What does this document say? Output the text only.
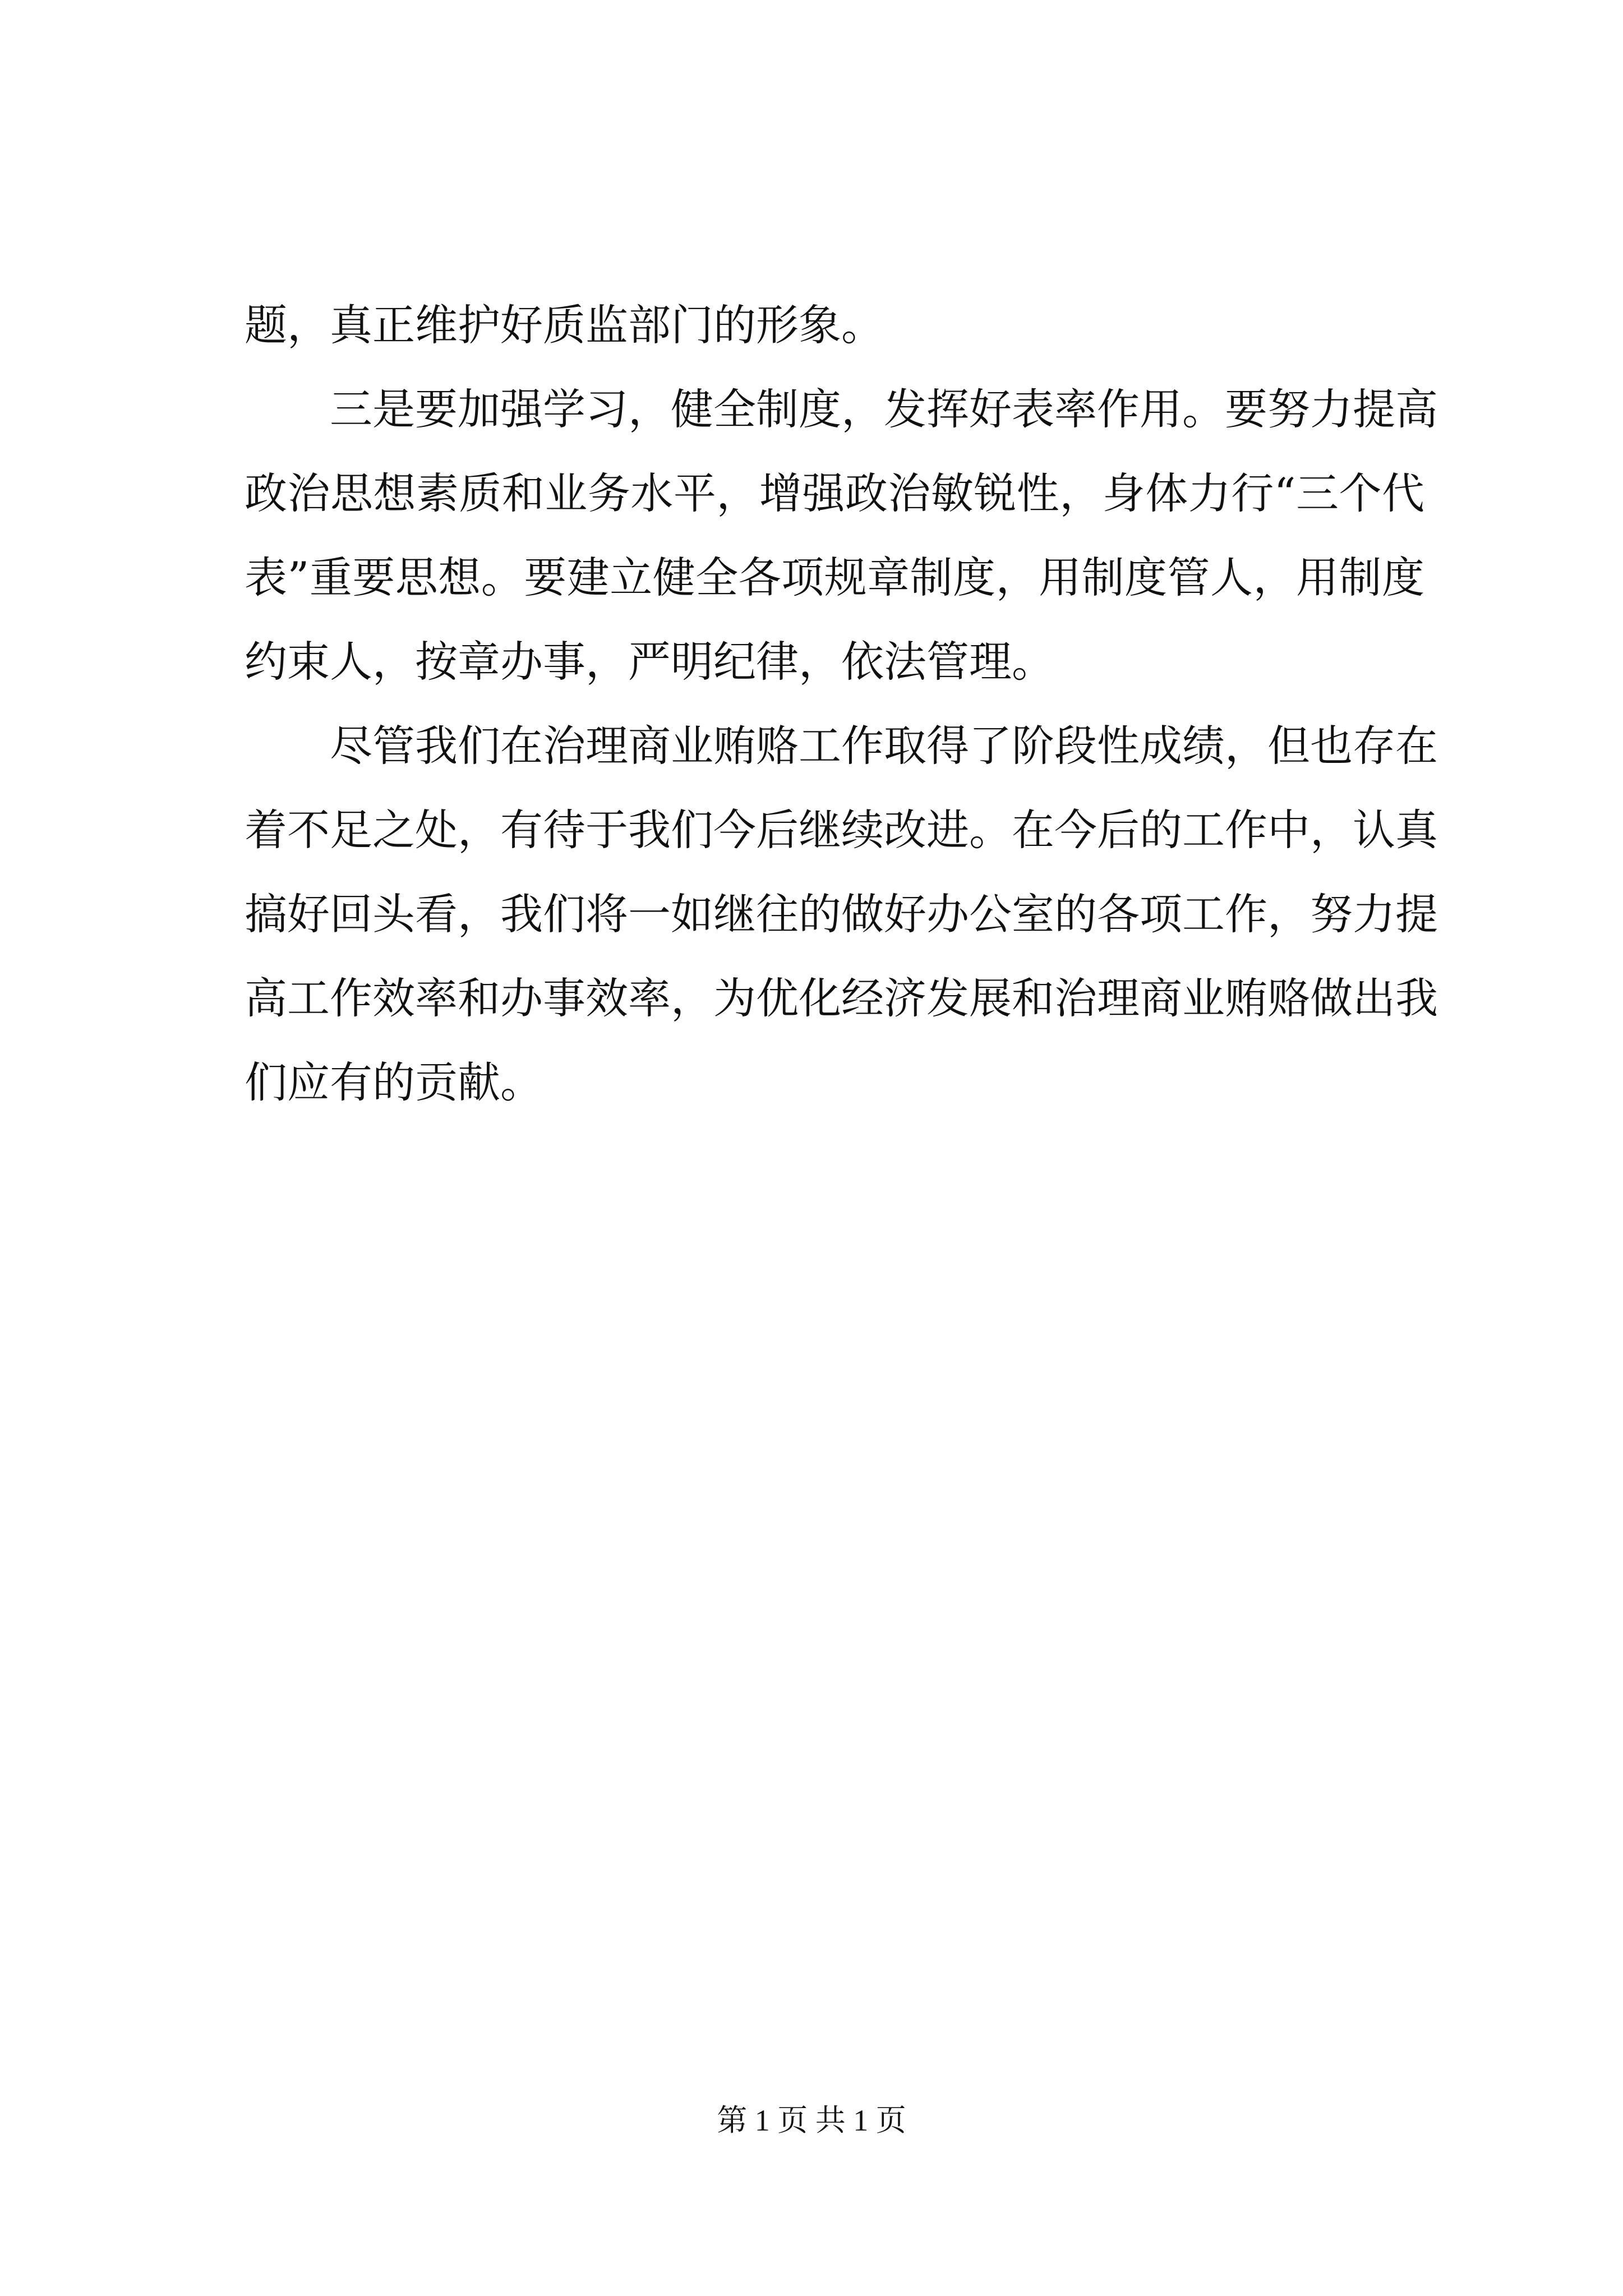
题，真正维护好质监部门的形象。
三是要加强学习，健全制度，发挥好表率作用。要努力提高
政治思想素质和业务水平，增强政治敏锐性，身体力行“三个代
表”重要思想。要建立健全各项规章制度，用制度管人，用制度
约束人，按章办事，严明纪律，依法管理。
尽管我们在治理商业贿赂工作取得了阶段性成绩，但也存在
着不足之处，有待于我们今后继续改进。在今后的工作中，认真
搞好回头看，我们将一如继往的做好办公室的各项工作，努力提
高工作效率和办事效率，为优化经济发展和治理商业贿赂做出我
们应有的贡献。
第 1 页 共 1 页
